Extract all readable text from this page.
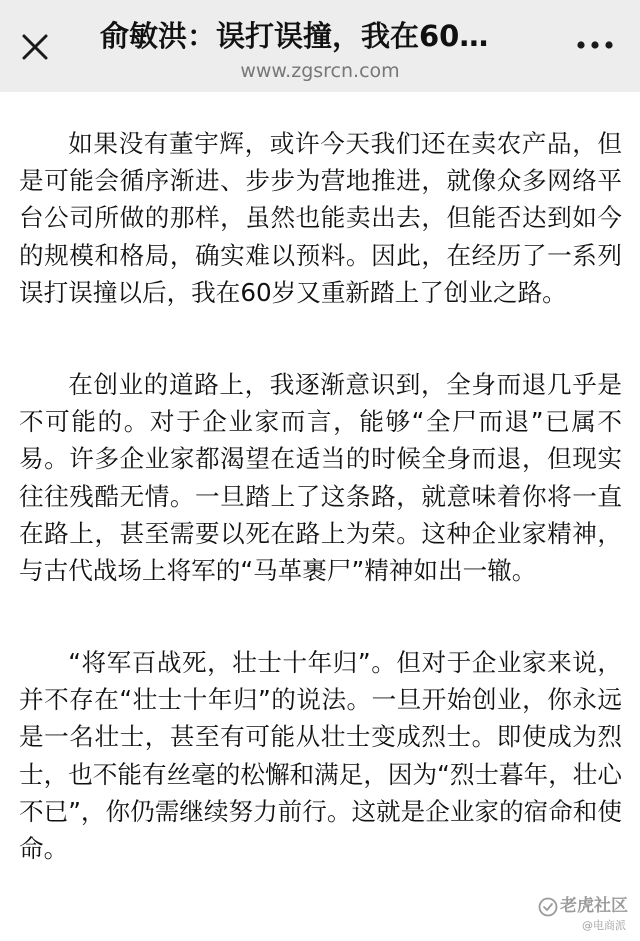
俞敏洪：误打误撞，我在60…
www.zgsrcn.com

如果没有董宇辉，或许今天我们还在卖农产品，但是可能会循序渐进、步步为营地推进，就像众多网络平台公司所做的那样，虽然也能卖出去，但能否达到如今的规模和格局，确实难以预料。因此，在经历了一系列误打误撞以后，我在60岁又重新踏上了创业之路。

在创业的道路上，我逐渐意识到，全身而退几乎是不可能的。对于企业家而言，能够“全尸而退”已属不易。许多企业家都渴望在适当的时候全身而退，但现实往往残酷无情。一旦踏上了这条路，就意味着你将一直在路上，甚至需要以死在路上为荣。这种企业家精神，与古代战场上将军的“马革裹尸”精神如出一辙。

“将军百战死，壮士十年归”。但对于企业家来说，并不存在“壮士十年归”的说法。一旦开始创业，你永远是一名壮士，甚至有可能从壮士变成烈士。即使成为烈士，也不能有丝毫的松懈和满足，因为“烈士暮年，壮心不已”，你仍需继续努力前行。这就是企业家的宿命和使命。

老虎社区
@电商派
